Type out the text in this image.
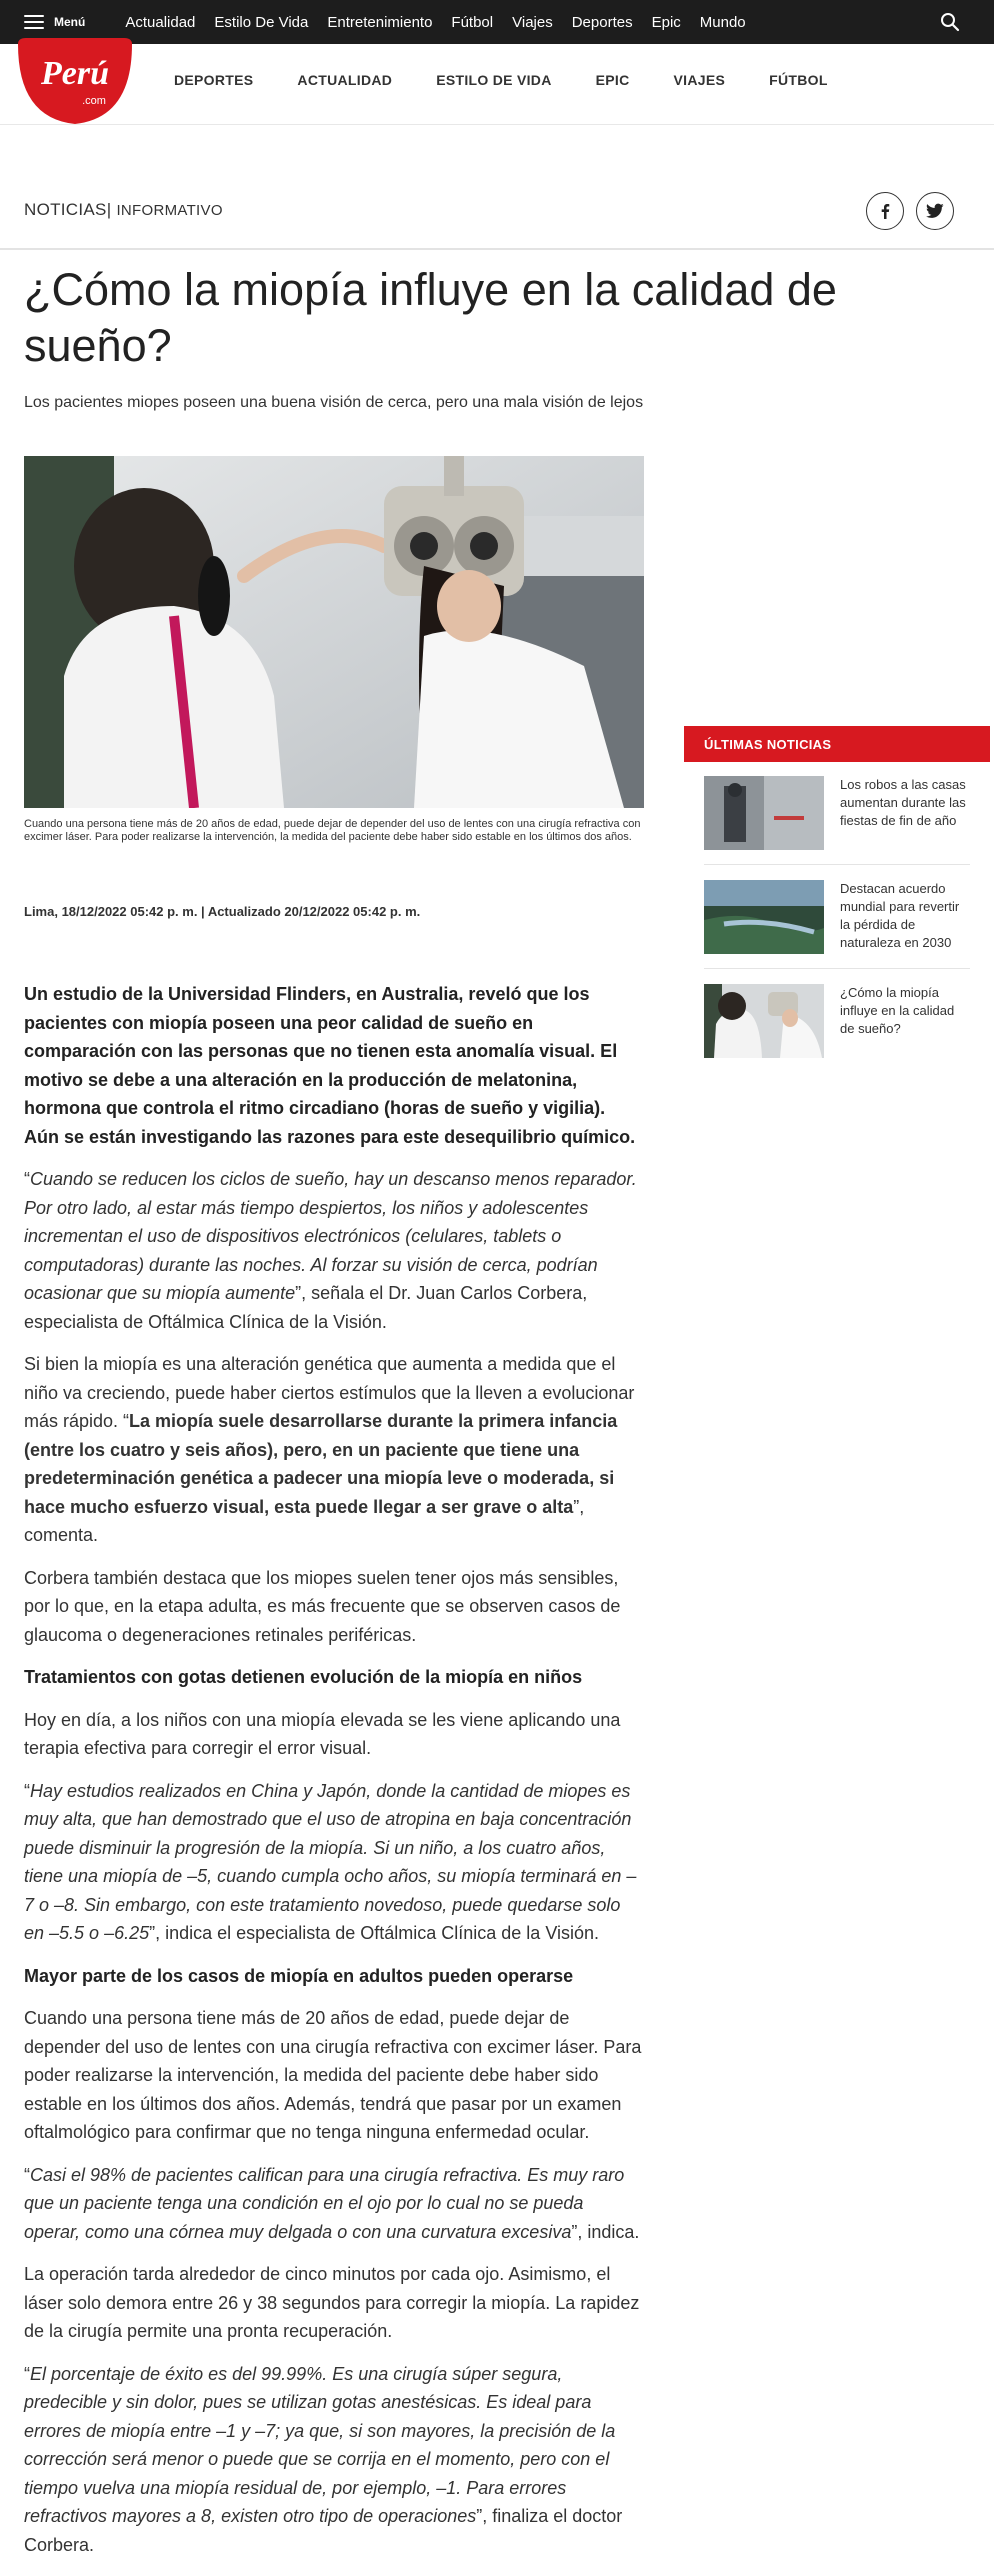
Menú	Actualidad Estilo De Vida Entretenimiento Fútbol Viajes Deportes Epic Mundo
Perú
.com
DEPORTES	ACTUALIDAD	ESTILO DE VIDA	EPIC	VIAJES	FÚTBOL
NOTICIAS| INFORMATIVO
¿Cómo la miopía influye en la calidad de sueño?

Los pacientes miopes poseen una buena visión de cerca, pero una mala visión de lejos

Cuando una persona tiene más de 20 años de edad, puede dejar de depender del uso de lentes con una cirugía refractiva con excimer láser. Para poder realizarse la intervención, la medida del paciente debe haber sido estable en los últimos dos años.

Lima, 18/12/2022 05:42 p. m. | Actualizado 20/12/2022 05:42 p. m.

Un estudio de la Universidad Flinders, en Australia, reveló que los pacientes con miopía poseen una peor calidad de sueño en comparación con las personas que no tienen esta anomalía visual. El motivo se debe a una alteración en la producción de melatonina, hormona que controla el ritmo circadiano (horas de sueño y vigilia). Aún se están investigando las razones para este desequilibrio químico.

“Cuando se reducen los ciclos de sueño, hay un descanso menos reparador. Por otro lado, al estar más tiempo despiertos, los niños y adolescentes incrementan el uso de dispositivos electrónicos (celulares, tablets o computadoras) durante las noches. Al forzar su visión de cerca, podrían ocasionar que su miopía aumente”, señala el Dr. Juan Carlos Corbera, especialista de Oftálmica Clínica de la Visión.

Si bien la miopía es una alteración genética que aumenta a medida que el niño va creciendo, puede haber ciertos estímulos que la lleven a evolucionar más rápido. “La miopía suele desarrollarse durante la primera infancia (entre los cuatro y seis años), pero, en un paciente que tiene una predeterminación genética a padecer una miopía leve o moderada, si hace mucho esfuerzo visual, esta puede llegar a ser grave o alta”, comenta.

Corbera también destaca que los miopes suelen tener ojos más sensibles, por lo que, en la etapa adulta, es más frecuente que se observen casos de glaucoma o degeneraciones retinales periféricas.

Tratamientos con gotas detienen evolución de la miopía en niños

Hoy en día, a los niños con una miopía elevada se les viene aplicando una terapia efectiva para corregir el error visual.

“Hay estudios realizados en China y Japón, donde la cantidad de miopes es muy alta, que han demostrado que el uso de atropina en baja concentración puede disminuir la progresión de la miopía. Si un niño, a los cuatro años, tiene una miopía de –5, cuando cumpla ocho años, su miopía terminará en –7 o –8. Sin embargo, con este tratamiento novedoso, puede quedarse solo en –5.5 o –6.25”, indica el especialista de Oftálmica Clínica de la Visión.

Mayor parte de los casos de miopía en adultos pueden operarse

Cuando una persona tiene más de 20 años de edad, puede dejar de depender del uso de lentes con una cirugía refractiva con excimer láser. Para poder realizarse la intervención, la medida del paciente debe haber sido estable en los últimos dos años. Además, tendrá que pasar por un examen oftalmológico para confirmar que no tenga ninguna enfermedad ocular.

“Casi el 98% de pacientes califican para una cirugía refractiva. Es muy raro que un paciente tenga una condición en el ojo por lo cual no se pueda operar, como una córnea muy delgada o con una curvatura excesiva”, indica.

La operación tarda alrededor de cinco minutos por cada ojo. Asimismo, el láser solo demora entre 26 y 38 segundos para corregir la miopía. La rapidez de la cirugía permite una pronta recuperación.

“El porcentaje de éxito es del 99.99%. Es una cirugía súper segura, predecible y sin dolor, pues se utilizan gotas anestésicas. Es ideal para errores de miopía entre –1 y –7; ya que, si son mayores, la precisión de la corrección será menor o puede que se corrija en el momento, pero con el tiempo vuelva una miopía residual de, por ejemplo, –1. Para errores refractivos mayores a 8, existen otro tipo de operaciones”, finaliza el doctor Corbera.

ÚLTIMAS NOTICIAS

Los robos a las casas aumentan durante las fiestas de fin de año

Destacan acuerdo mundial para revertir la pérdida de naturaleza en 2030

¿Cómo la miopía influye en la calidad de sueño?
